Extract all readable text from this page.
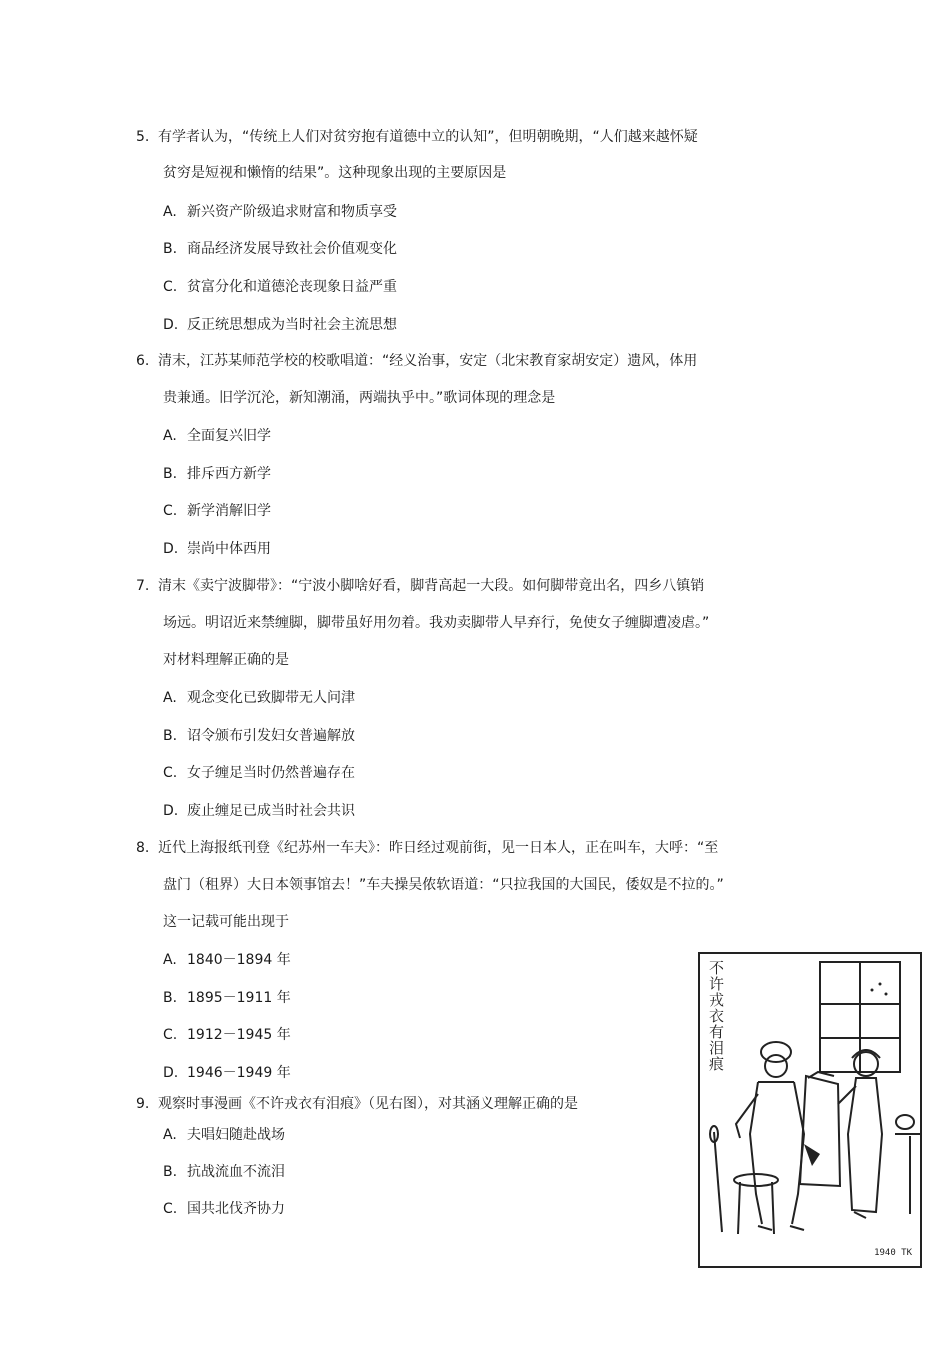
5. 有学者认为，“传统上人们对贫穷抱有道德中立的认知”，但明朝晚期，“人们越来越怀疑
贫穷是短视和懒惰的结果”。这种现象出现的主要原因是
A. 新兴资产阶级追求财富和物质享受
B. 商品经济发展导致社会价值观变化
C. 贫富分化和道德沦丧现象日益严重
D. 反正统思想成为当时社会主流思想
6. 清末，江苏某师范学校的校歌唱道：“经义治事，安定（北宋教育家胡安定）遗风，体用
贵兼通。旧学沉沦，新知潮涌，两端执乎中。”歌词体现的理念是
A. 全面复兴旧学
B. 排斥西方新学
C. 新学消解旧学
D. 崇尚中体西用
7. 清末《卖宁波脚带》：“宁波小脚啥好看，脚背高起一大段。如何脚带竟出名，四乡八镇销
场远。明诏近来禁缠脚，脚带虽好用勿着。我劝卖脚带人早弃行，免使女子缠脚遭凌虐。”
对材料理解正确的是
A. 观念变化已致脚带无人问津
B. 诏令颁布引发妇女普遍解放
C. 女子缠足当时仍然普遍存在
D. 废止缠足已成当时社会共识
8. 近代上海报纸刊登《纪苏州一车夫》：昨日经过观前街，见一日本人，正在叫车，大呼：“至
盘门（租界）大日本领事馆去！”车夫操吴侬软语道：“只拉我国的大国民，倭奴是不拉的。”
这一记载可能出现于
A. 1840－1894 年
B. 1895－1911 年
C. 1912－1945 年
D. 1946－1949 年
9. 观察时事漫画《不许戎衣有泪痕》（见右图），对其涵义理解正确的是
A. 夫唱妇随赴战场
B. 抗战流血不流泪
C. 国共北伐齐协力
不许戎衣有泪痕
1940 TK
